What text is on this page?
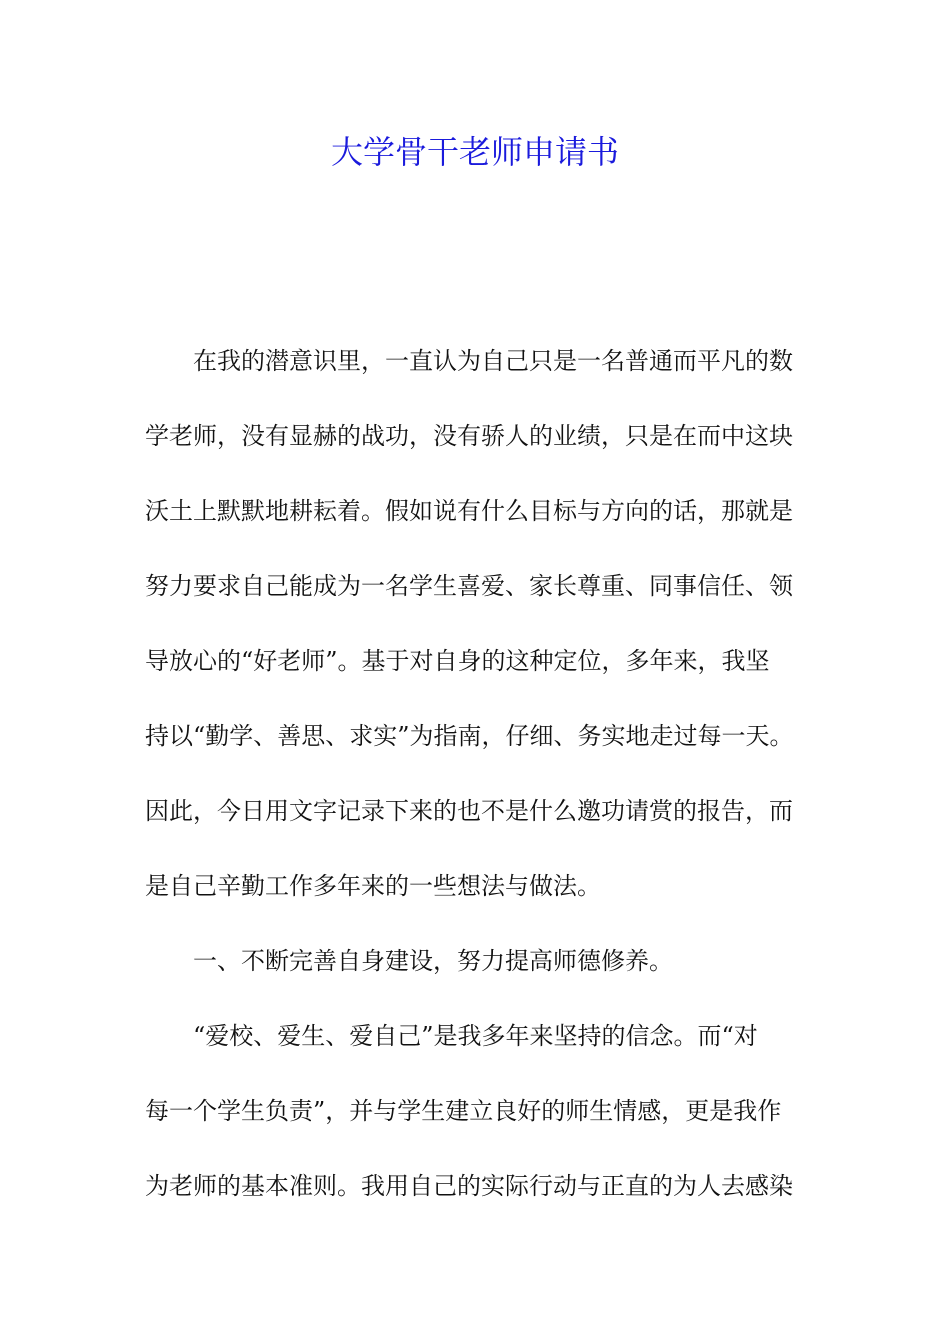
大学骨干老师申请书
在我的潜意识里，一直认为自己只是一名普通而平凡的数
学老师，没有显赫的战功，没有骄人的业绩，只是在而中这块
沃土上默默地耕耘着。假如说有什么目标与方向的话，那就是
努力要求自己能成为一名学生喜爱、家长尊重、同事信任、领
导放心的“好老师”。基于对自身的这种定位，多年来，我坚
持以“勤学、善思、求实”为指南，仔细、务实地走过每一天。
因此，今日用文字记录下来的也不是什么邀功请赏的报告，而
是自己辛勤工作多年来的一些想法与做法。
一、不断完善自身建设，努力提高师德修养。
“爱校、爱生、爱自己”是我多年来坚持的信念。而“对
每一个学生负责”，并与学生建立良好的师生情感，更是我作
为老师的基本准则。我用自己的实际行动与正直的为人去感染
